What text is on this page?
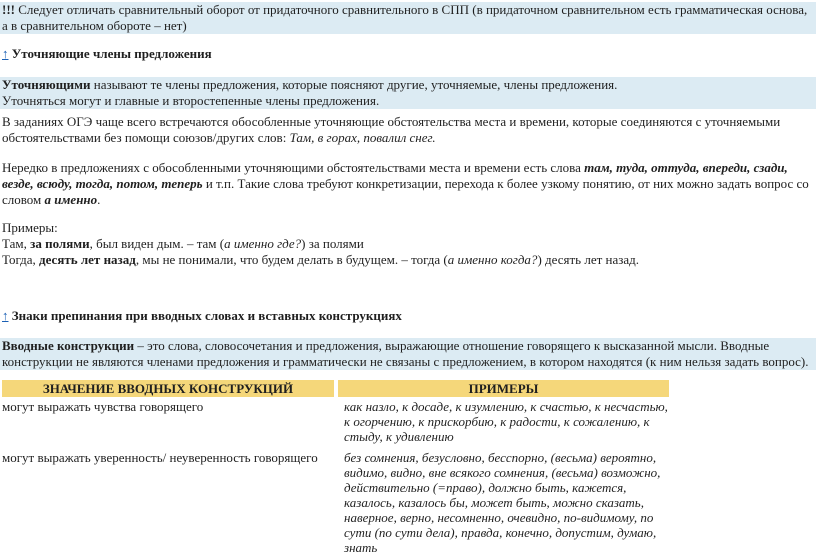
!!! Следует отличать сравнительный оборот от придаточного сравнительного в СПП (в придаточном сравнительном есть грамматическая основа, а в сравнительном обороте – нет)
↑ Уточняющие члены предложения
Уточняющими называют те члены предложения, которые поясняют другие, уточняемые, члены предложения.
Уточняться могут и главные и второстепенные члены предложения.
В заданиях ОГЭ чаще всего встречаются обособленные уточняющие обстоятельства места и времени, которые соединяются с уточняемыми обстоятельствами без помощи союзов/других слов: Там, в горах, повалил снег.
Нередко в предложениях с обособленными уточняющими обстоятельствами места и времени есть слова там, туда, оттуда, впереди, сзади, везде, всюду, тогда, потом, теперь и т.п. Такие слова требуют конкретизации, перехода к более узкому понятию, от них можно задать вопрос со словом а именно.
Примеры:
Там, за полями, был виден дым. – там (а именно где?) за полями
Тогда, десять лет назад, мы не понимали, что будем делать в будущем. – тогда (а именно когда?) десять лет назад.
↑ Знаки препинания при вводных словах и вставных конструкциях
Вводные конструкции – это слова, словосочетания и предложения, выражающие отношение говорящего к высказанной мысли. Вводные конструкции не являются членами предложения и грамматически не связаны с предложением, в котором находятся (к ним нельзя задать вопрос).
ЗНАЧЕНИЕ ВВОДНЫХ КОНСТРУКЦИЙ	ПРИМЕРЫ
могут выражать чувства говорящего	как назло, к досаде, к изумлению, к счастью, к несчастью, к огорчению, к прискорбию, к радости, к сожалению, к стыду, к удивлению
могут выражать уверенность/ неуверенность говорящего	без сомнения, безусловно, бесспорно, (весьма) вероятно, видимо, видно, вне всякого сомнения, (весьма) возможно, действительно (=право), должно быть, кажется, казалось, казалось бы, может быть, можно сказать, наверное, верно, несомненно, очевидно, по-видимому, по сути (по сути дела), правда, конечно, допустим, думаю, знать
